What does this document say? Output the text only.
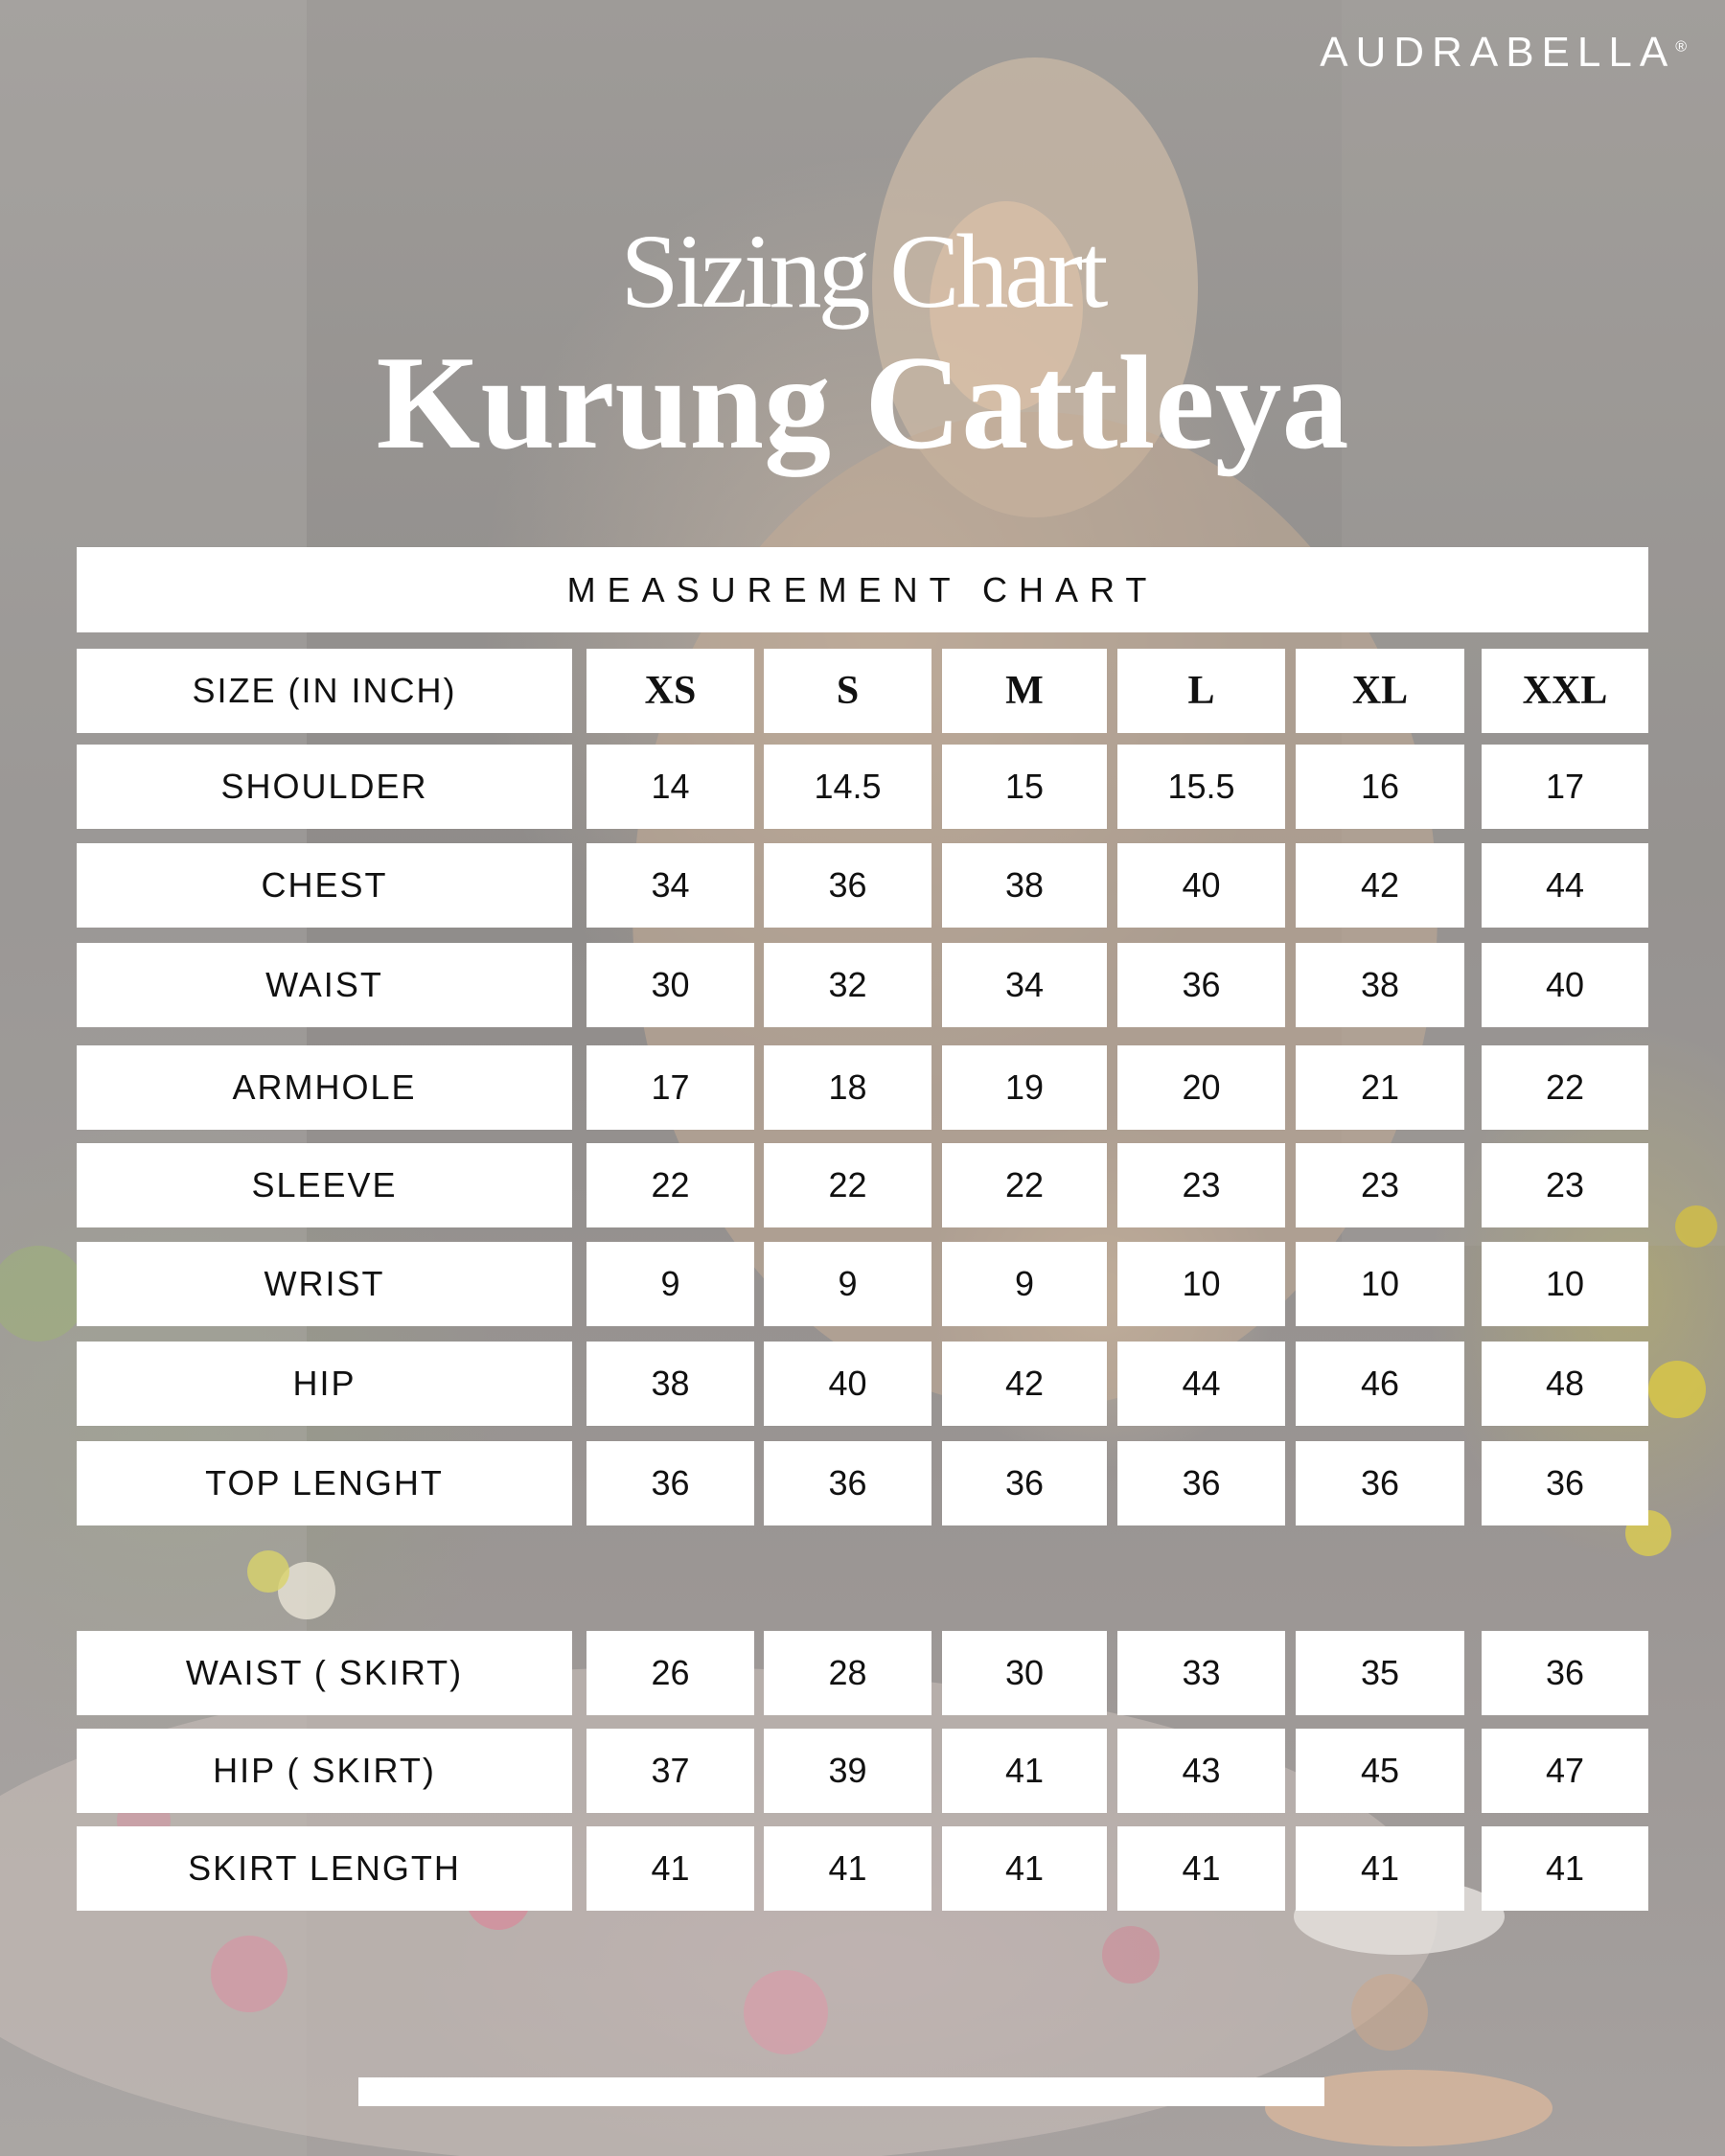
AUDRABELLA®
Sizing Chart
Kurung Cattleya
MEASUREMENT CHART
SIZE (IN INCH)	XS	S	M	L	XL	XXL
SHOULDER	14	14.5	15	15.5	16	17
CHEST	34	36	38	40	42	44
WAIST	30	32	34	36	38	40
ARMHOLE	17	18	19	20	21	22
SLEEVE	22	22	22	23	23	23
WRIST	9	9	9	10	10	10
HIP	38	40	42	44	46	48
TOP LENGHT	36	36	36	36	36	36
WAIST ( SKIRT)	26	28	30	33	35	36
HIP ( SKIRT)	37	39	41	43	45	47
SKIRT LENGTH	41	41	41	41	41	41
